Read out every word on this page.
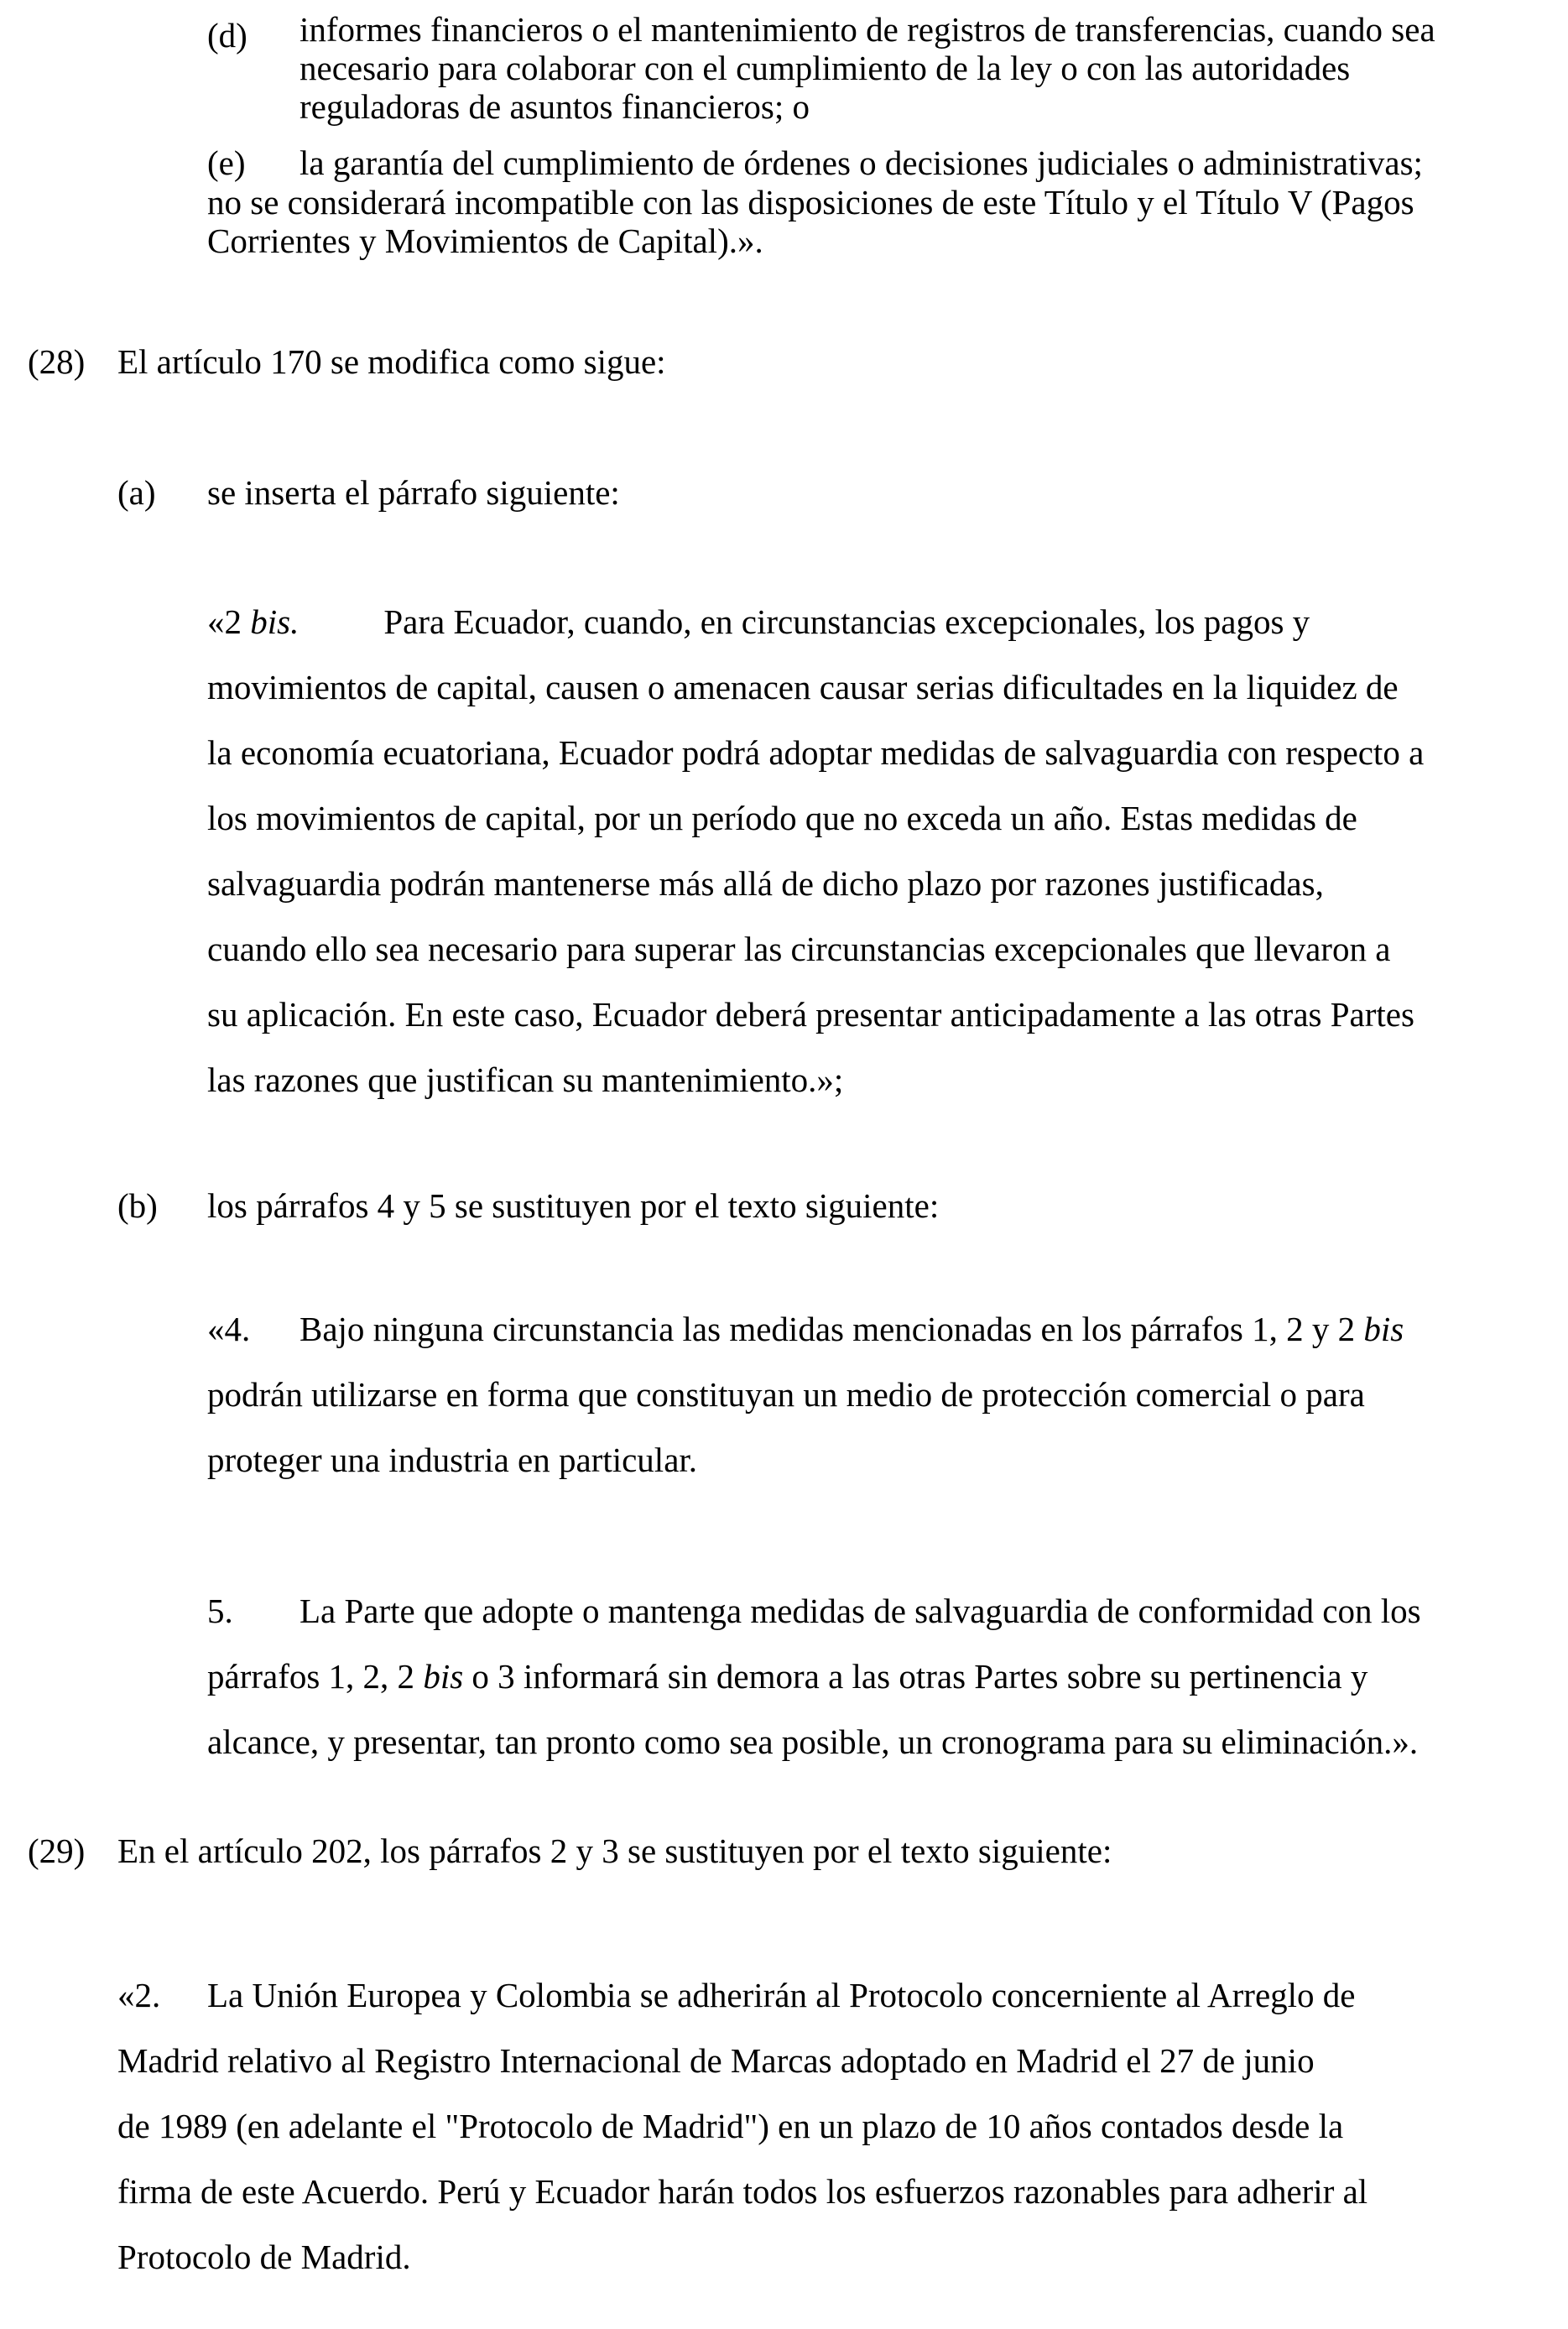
(d) informes financieros o el mantenimiento de registros de transferencias, cuando sea
necesario para colaborar con el cumplimiento de la ley o con las autoridades
reguladoras de asuntos financieros; o
(e) la garantía del cumplimiento de órdenes o decisiones judiciales o administrativas;
no se considerará incompatible con las disposiciones de este Título y el Título V (Pagos
Corrientes y Movimientos de Capital).».
(28) El artículo 170 se modifica como sigue:
(a) se inserta el párrafo siguiente:
«2 bis. Para Ecuador, cuando, en circunstancias excepcionales, los pagos y
movimientos de capital, causen o amenacen causar serias dificultades en la liquidez de
la economía ecuatoriana, Ecuador podrá adoptar medidas de salvaguardia con respecto a
los movimientos de capital, por un período que no exceda un año. Estas medidas de
salvaguardia podrán mantenerse más allá de dicho plazo por razones justificadas,
cuando ello sea necesario para superar las circunstancias excepcionales que llevaron a
su aplicación. En este caso, Ecuador deberá presentar anticipadamente a las otras Partes
las razones que justifican su mantenimiento.»;
(b) los párrafos 4 y 5 se sustituyen por el texto siguiente:
«4. Bajo ninguna circunstancia las medidas mencionadas en los párrafos 1, 2 y 2 bis
podrán utilizarse en forma que constituyan un medio de protección comercial o para
proteger una industria en particular.
5. La Parte que adopte o mantenga medidas de salvaguardia de conformidad con los
párrafos 1, 2, 2 bis o 3 informará sin demora a las otras Partes sobre su pertinencia y
alcance, y presentar, tan pronto como sea posible, un cronograma para su eliminación.».
(29) En el artículo 202, los párrafos 2 y 3 se sustituyen por el texto siguiente:
«2. La Unión Europea y Colombia se adherirán al Protocolo concerniente al Arreglo de
Madrid relativo al Registro Internacional de Marcas adoptado en Madrid el 27 de junio
de 1989 (en adelante el "Protocolo de Madrid") en un plazo de 10 años contados desde la
firma de este Acuerdo. Perú y Ecuador harán todos los esfuerzos razonables para adherir al
Protocolo de Madrid.
